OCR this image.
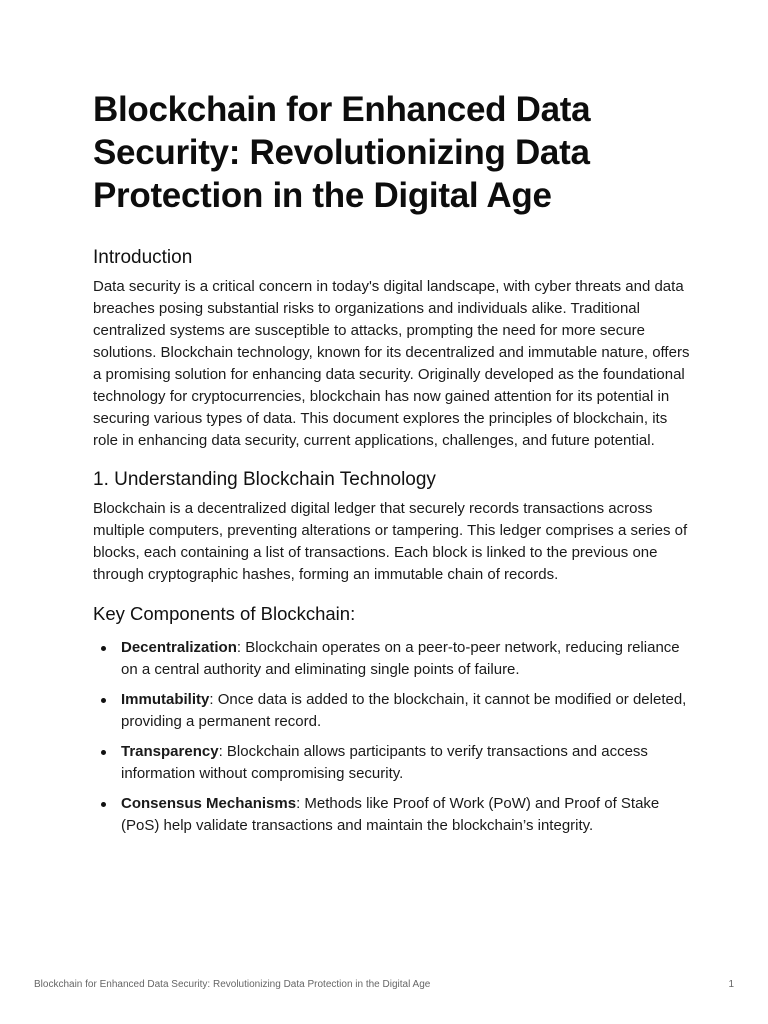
Blockchain for Enhanced Data Security: Revolutionizing Data Protection in the Digital Age
Introduction

Data security is a critical concern in today's digital landscape, with cyber threats and data breaches posing substantial risks to organizations and individuals alike. Traditional centralized systems are susceptible to attacks, prompting the need for more secure solutions. Blockchain technology, known for its decentralized and immutable nature, offers a promising solution for enhancing data security. Originally developed as the foundational technology for cryptocurrencies, blockchain has now gained attention for its potential in securing various types of data. This document explores the principles of blockchain, its role in enhancing data security, current applications, challenges, and future potential.

1. Understanding Blockchain Technology

Blockchain is a decentralized digital ledger that securely records transactions across multiple computers, preventing alterations or tampering. This ledger comprises a series of blocks, each containing a list of transactions. Each block is linked to the previous one through cryptographic hashes, forming an immutable chain of records.

Key Components of Blockchain:
Decentralization: Blockchain operates on a peer-to-peer network, reducing reliance on a central authority and eliminating single points of failure.
Immutability: Once data is added to the blockchain, it cannot be modified or deleted, providing a permanent record.
Transparency: Blockchain allows participants to verify transactions and access information without compromising security.
Consensus Mechanisms: Methods like Proof of Work (PoW) and Proof of Stake (PoS) help validate transactions and maintain the blockchain’s integrity.
Blockchain for Enhanced Data Security: Revolutionizing Data Protection in the Digital Age	1
